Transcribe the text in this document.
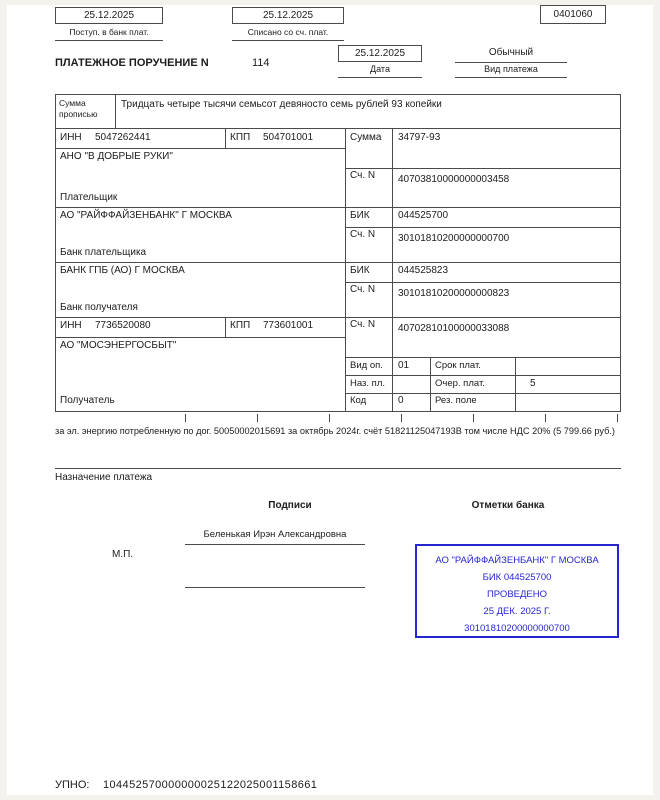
25.12.2025
Поступ. в банк плат.
25.12.2025
Списано со сч. плат.
0401060
ПЛАТЕЖНОЕ ПОРУЧЕНИЕ N	114
25.12.2025
Дата
Обычный
Вид платежа
Сумма прописью
Тридцать четыре тысячи семьсот девяносто семь рублей 93 копейки
ИНН 5047262441	КПП 504701001
АНО "В ДОБРЫЕ РУКИ"
Плательщик
Сумма 34797-93
Сч. N 40703810000000003458
АО "РАЙФФАЙЗЕНБАНК" Г МОСКВА
Банк плательщика
БИК	044525700
Сч. N 30101810200000000700
БАНК ГПБ (АО) Г МОСКВА
Банк получателя
БИК	044525823
Сч. N 30101810200000000823
ИНН 7736520080	КПП 773601001
АО "МОСЭНЕРГОСБЫТ"
Получатель
Сч. N 40702810100000033088
Вид оп. 01	Срок плат.
Наз. пл.	Очер. плат.	5
Код	0	Рез. поле
за эл. энергию потребленную по дог. 50050002015691 за октябрь 2024г. счёт 51821125047193В том числе НДС 20% (5 799.66 руб.)
Назначение платежа
Подписи	Отметки банка
Беленькая Ирэн Александровна
М.П.
АО "РАЙФФАЙЗЕНБАНК" Г МОСКВА
БИК 044525700
ПРОВЕДЕНО
25 ДЕК. 2025 Г.
30101810200000000700
УПНО: 104452570000000025122025001158661
